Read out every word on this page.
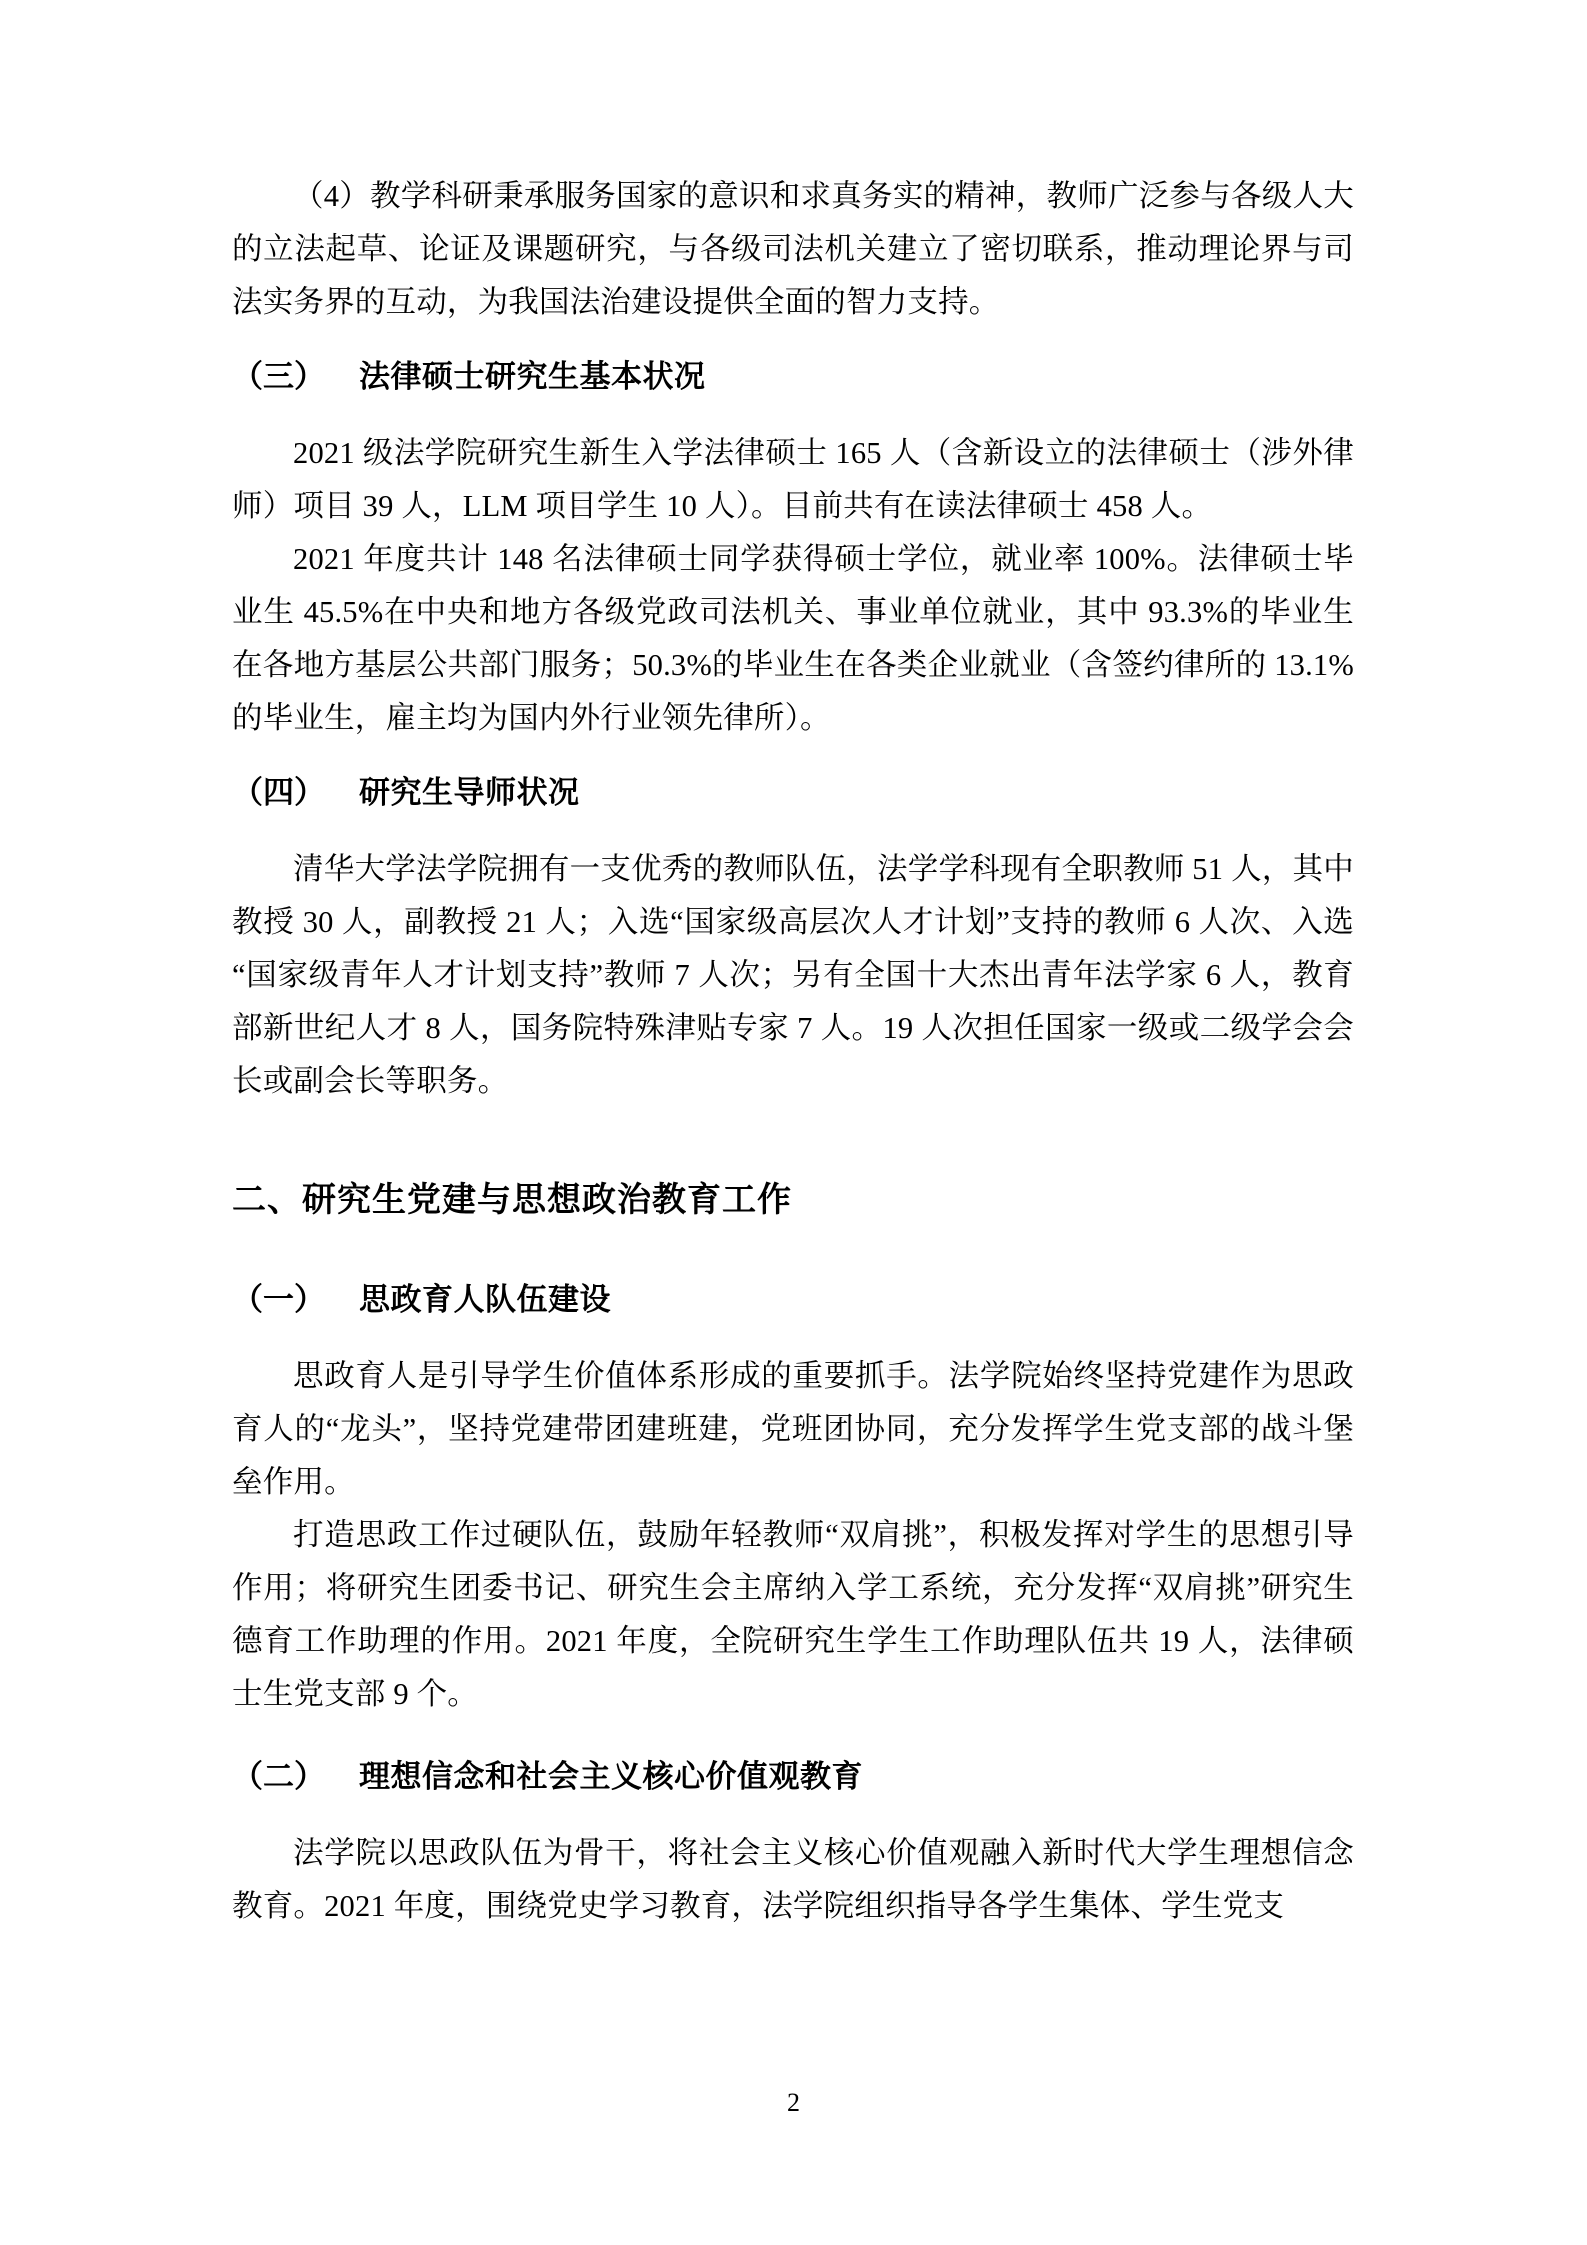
（4）教学科研秉承服务国家的意识和求真务实的精神，教师广泛参与各级人大的立法起草、论证及课题研究，与各级司法机关建立了密切联系，推动理论界与司法实务界的互动，为我国法治建设提供全面的智力支持。

（三） 法律硕士研究生基本状况

2021 级法学院研究生新生入学法律硕士 165 人（含新设立的法律硕士（涉外律师）项目 39 人，LLM 项目学生 10 人）。目前共有在读法律硕士 458 人。

2021 年度共计 148 名法律硕士同学获得硕士学位，就业率 100%。法律硕士毕业生 45.5%在中央和地方各级党政司法机关、事业单位就业，其中 93.3%的毕业生在各地方基层公共部门服务；50.3%的毕业生在各类企业就业（含签约律所的 13.1%的毕业生，雇主均为国内外行业领先律所）。

（四） 研究生导师状况

清华大学法学院拥有一支优秀的教师队伍，法学学科现有全职教师 51 人，其中教授 30 人，副教授 21 人；入选“国家级高层次人才计划”支持的教师 6 人次、入选“国家级青年人才计划支持”教师 7 人次；另有全国十大杰出青年法学家 6 人，教育部新世纪人才 8 人，国务院特殊津贴专家 7 人。19 人次担任国家一级或二级学会会长或副会长等职务。

二、研究生党建与思想政治教育工作
（一） 思政育人队伍建设

思政育人是引导学生价值体系形成的重要抓手。法学院始终坚持党建作为思政育人的“龙头”，坚持党建带团建班建，党班团协同，充分发挥学生党支部的战斗堡垒作用。

打造思政工作过硬队伍，鼓励年轻教师“双肩挑”，积极发挥对学生的思想引导作用；将研究生团委书记、研究生会主席纳入学工系统，充分发挥“双肩挑”研究生德育工作助理的作用。2021 年度，全院研究生学生工作助理队伍共 19 人，法律硕士生党支部 9 个。

（二） 理想信念和社会主义核心价值观教育

法学院以思政队伍为骨干，将社会主义核心价值观融入新时代大学生理想信念教育。2021 年度，围绕党史学习教育，法学院组织指导各学生集体、学生党支

2
